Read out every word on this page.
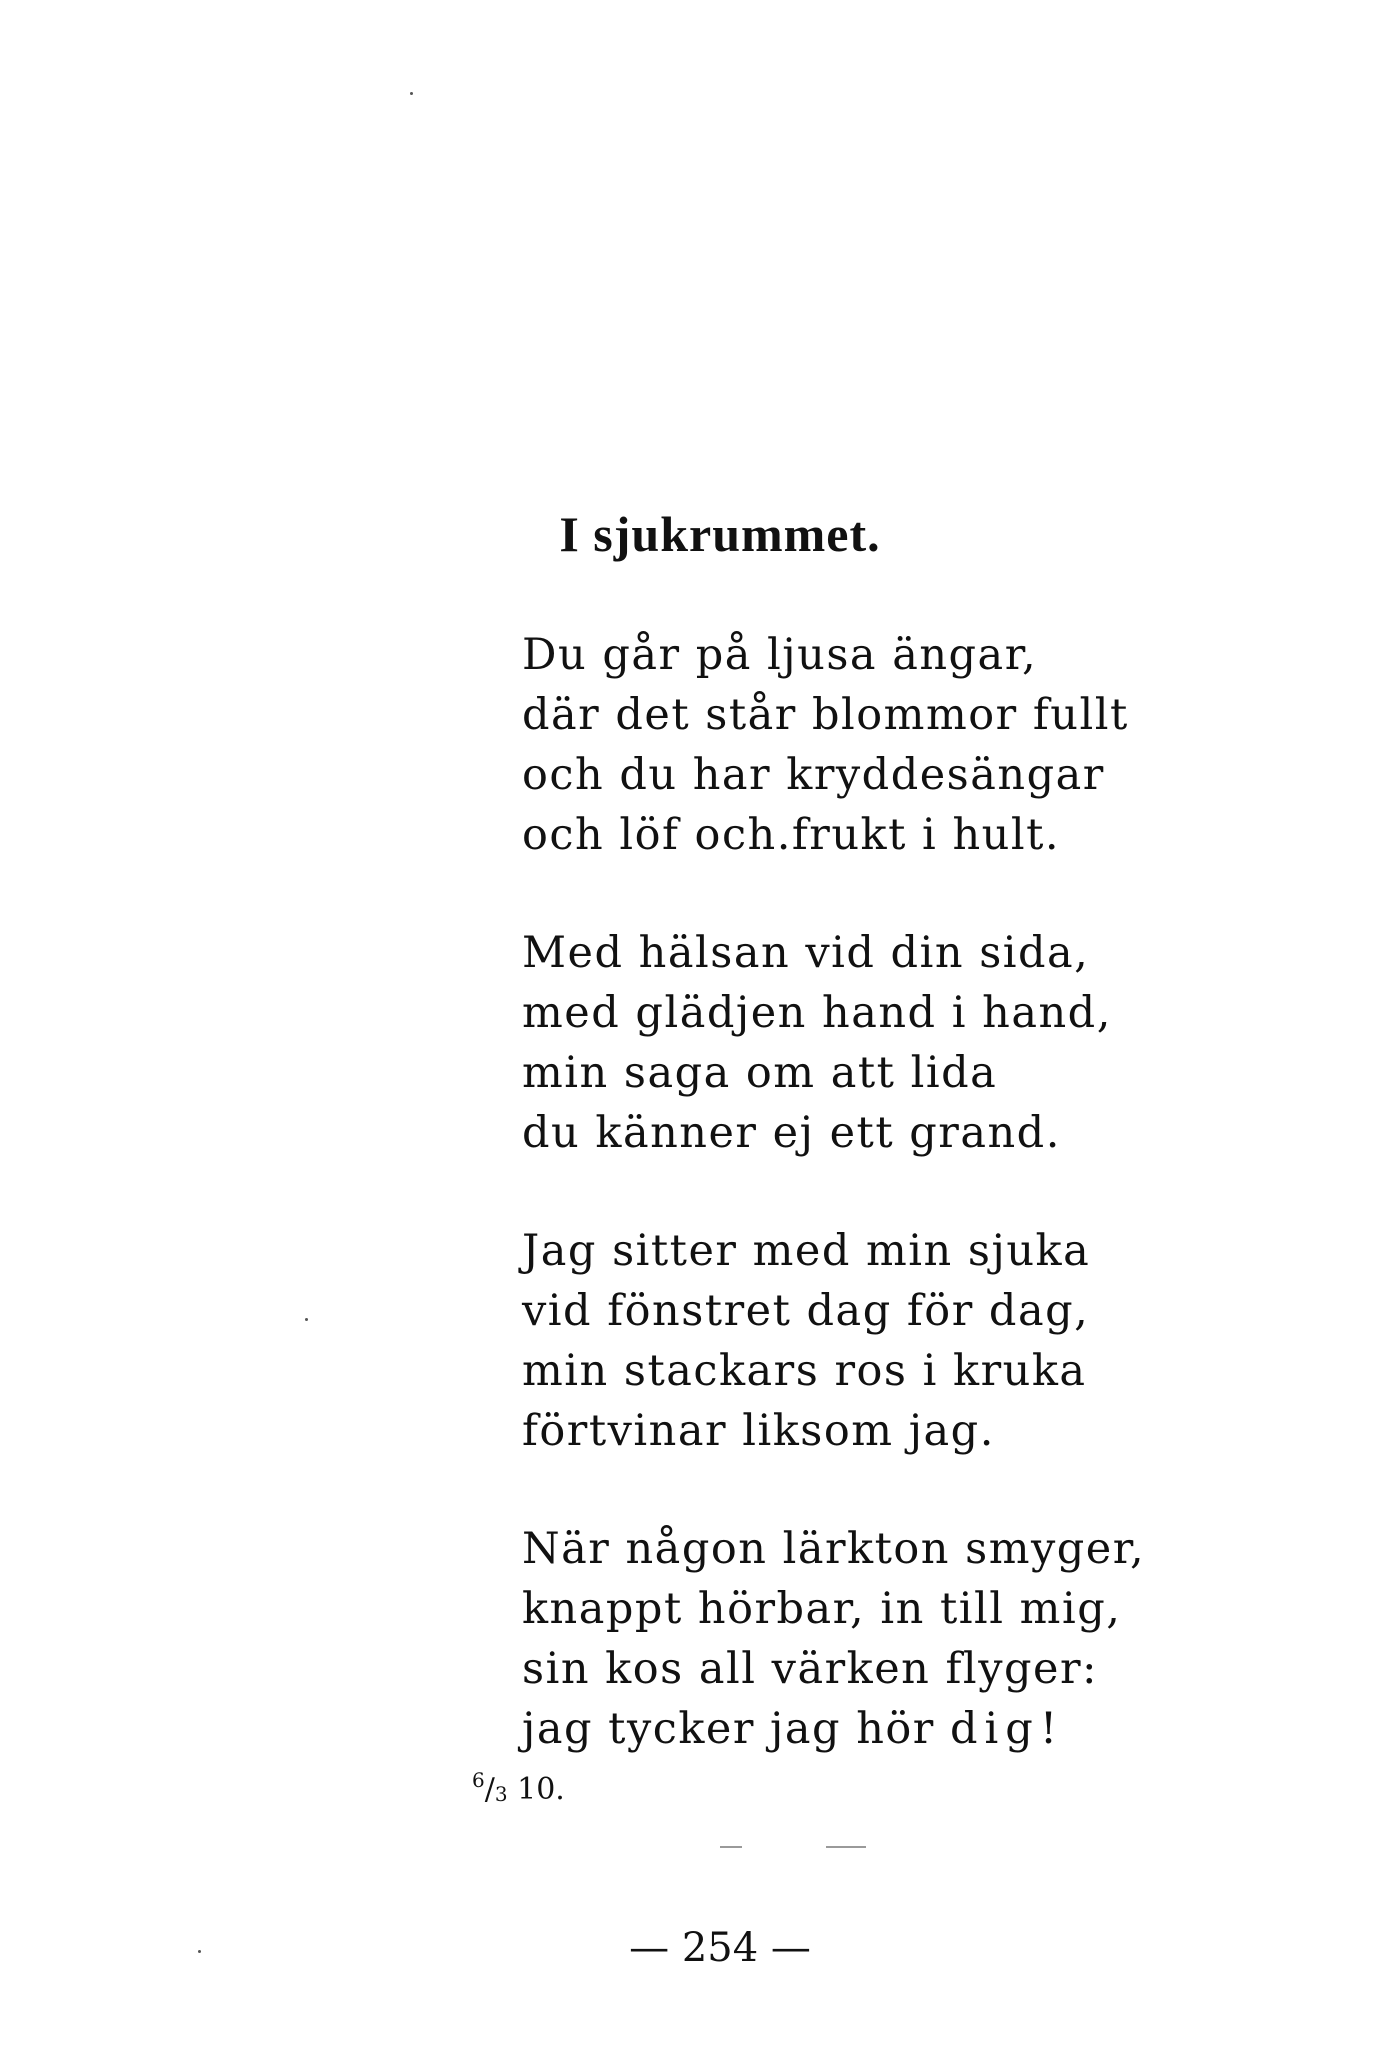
I sjukrummet.
Du går på ljusa ängar,
där det står blommor fullt
och du har kryddesängar
och löf och.frukt i hult.
Med hälsan vid din sida,
med glädjen hand i hand,
min saga om att lida
du känner ej ett grand.
Jag sitter med min sjuka
vid fönstret dag för dag,
min stackars ros i kruka
förtvinar liksom jag.
När någon lärkton smyger,
knappt hörbar, in till mig,
sin kos all värken flyger:
jag tycker jag hör dig!
$^6/_3$ 10.
— 254 —
